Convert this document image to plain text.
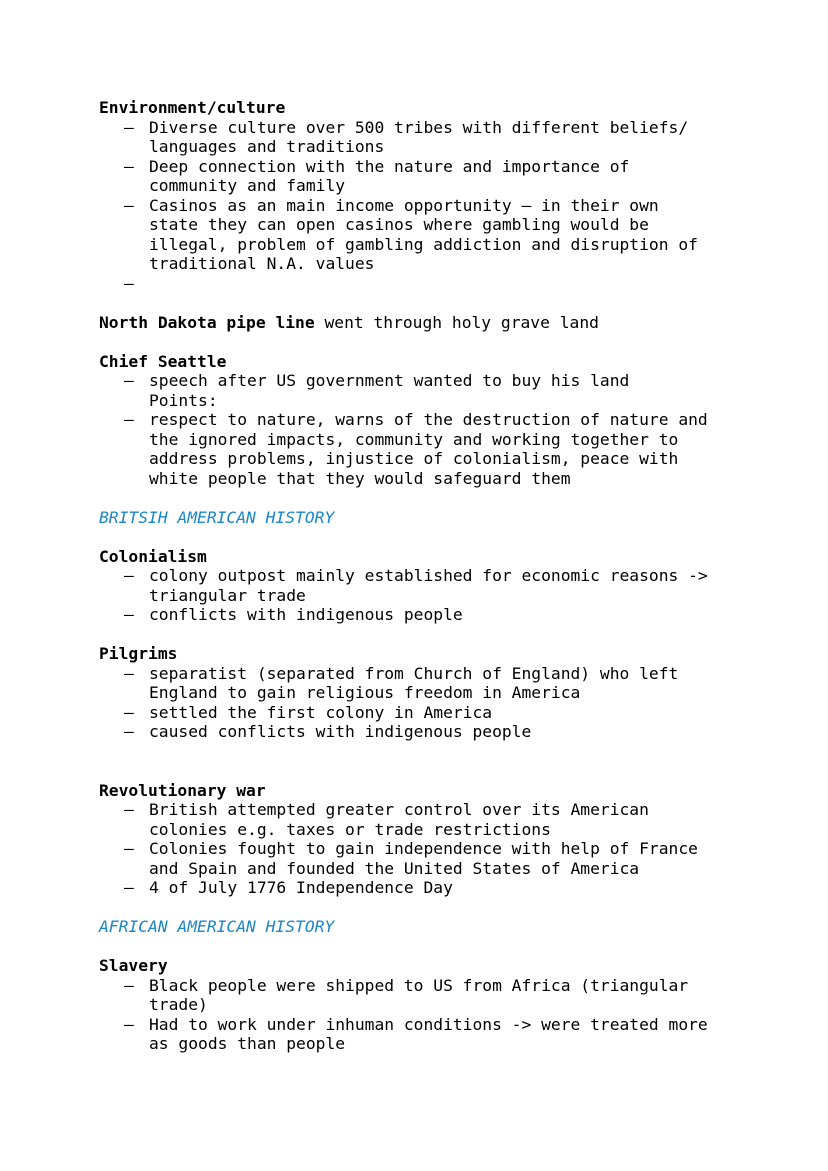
Environment/culture

– Diverse culture over 500 tribes with different beliefs/
languages and traditions
– Deep connection with the nature and importance of
community and family
– Casinos as an main income opportunity – in their own
state they can open casinos where gambling would be
illegal, problem of gambling addiction and disruption of
traditional N.A. values
–

North Dakota pipe line went through holy grave land

Chief Seattle

– speech after US government wanted to buy his land
Points:
– respect to nature, warns of the destruction of nature and
the ignored impacts, community and working together to
address problems, injustice of colonialism, peace with
white people that they would safeguard them

BRITSIH AMERICAN HISTORY

Colonialism

– colony outpost mainly established for economic reasons ->
triangular trade
– conflicts with indigenous people

Pilgrims

– separatist (separated from Church of England) who left
England to gain religious freedom in America
– settled the first colony in America
– caused conflicts with indigenous people

Revolutionary war

– British attempted greater control over its American
colonies e.g. taxes or trade restrictions
– Colonies fought to gain independence with help of France
and Spain and founded the United States of America
– 4 of July 1776 Independence Day

AFRICAN AMERICAN HISTORY

Slavery

– Black people were shipped to US from Africa (triangular
trade)
– Had to work under inhuman conditions -> were treated more
as goods than people
